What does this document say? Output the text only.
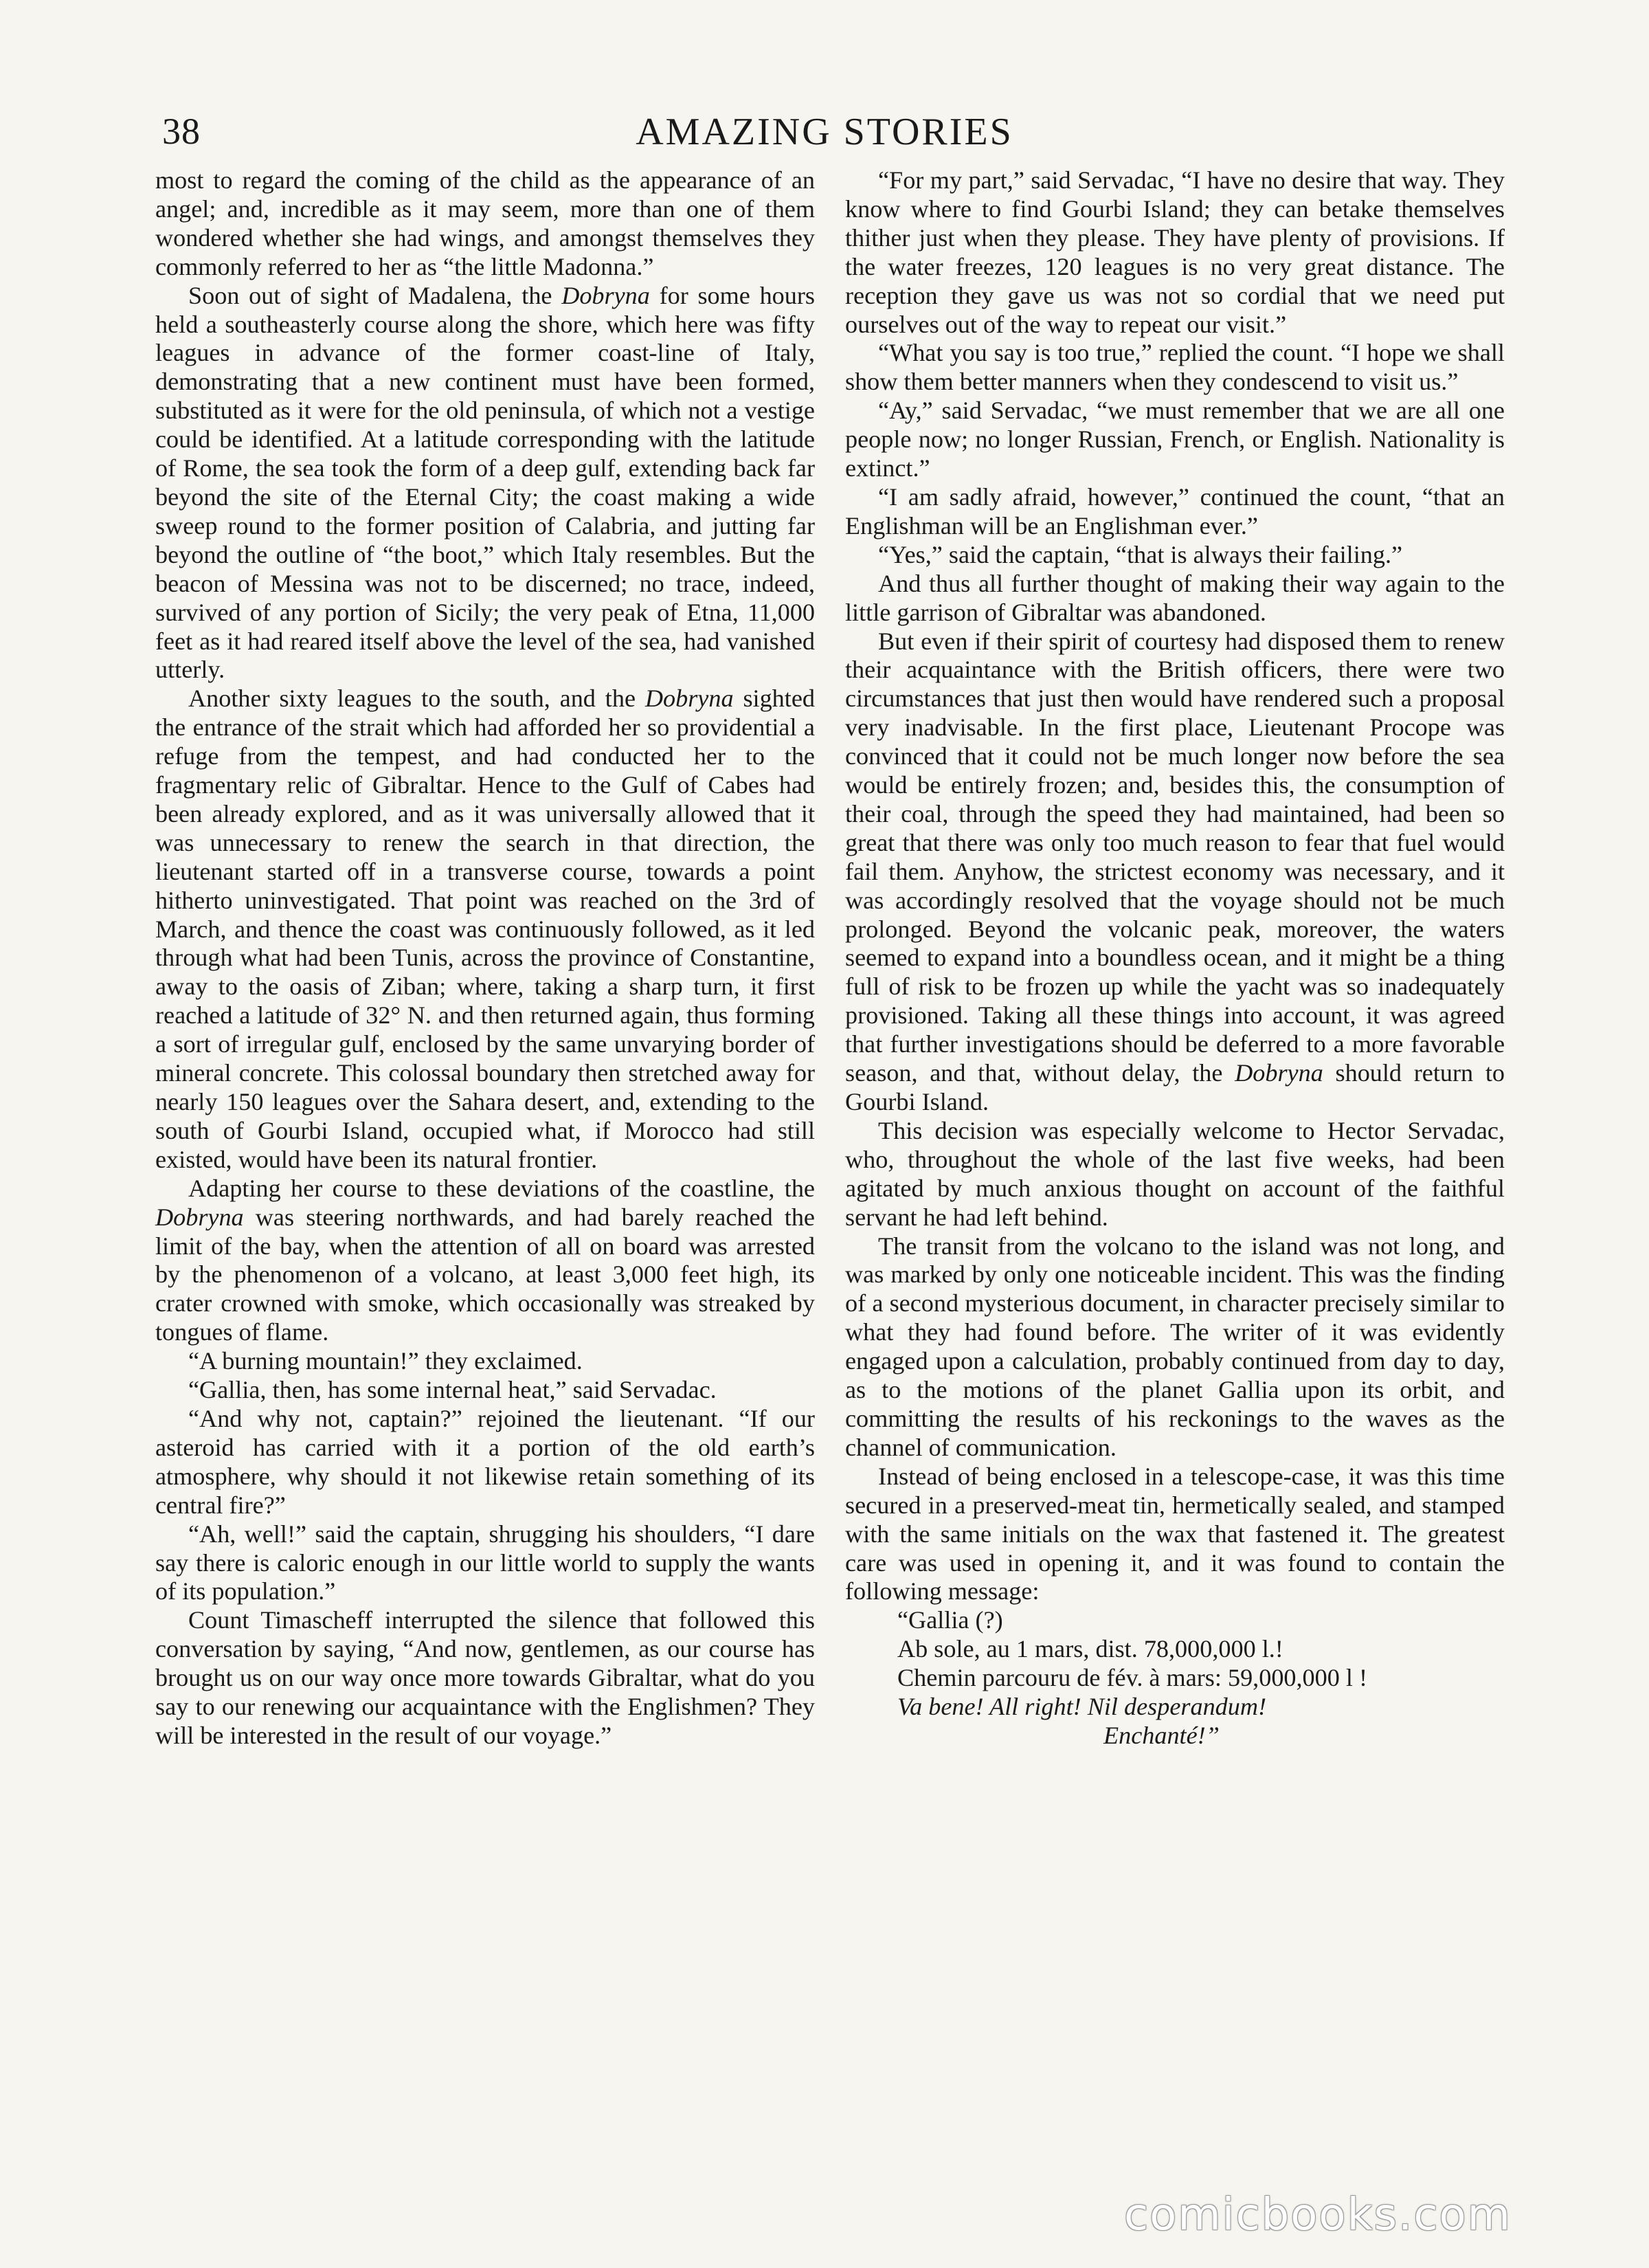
38	AMAZING STORIES

most to regard the coming of the child as the appearance of an angel; and, incredible as it may seem, more than one of them wondered whether she had wings, and amongst themselves they commonly referred to her as “the little Madonna.”

Soon out of sight of Madalena, the Dobryna for some hours held a southeasterly course along the shore, which here was fifty leagues in advance of the former coast-line of Italy, demonstrating that a new continent must have been formed, substituted as it were for the old peninsula, of which not a vestige could be identified. At a latitude corresponding with the latitude of Rome, the sea took the form of a deep gulf, extending back far beyond the site of the Eternal City; the coast making a wide sweep round to the former position of Calabria, and jutting far beyond the outline of “the boot,” which Italy resembles. But the beacon of Messina was not to be discerned; no trace, indeed, survived of any portion of Sicily; the very peak of Etna, 11,000 feet as it had reared itself above the level of the sea, had vanished utterly.

Another sixty leagues to the south, and the Dobryna sighted the entrance of the strait which had afforded her so providential a refuge from the tempest, and had conducted her to the fragmentary relic of Gibraltar. Hence to the Gulf of Cabes had been already explored, and as it was universally allowed that it was unnecessary to renew the search in that direction, the lieutenant started off in a transverse course, towards a point hitherto uninvestigated. That point was reached on the 3rd of March, and thence the coast was continuously followed, as it led through what had been Tunis, across the province of Constantine, away to the oasis of Ziban; where, taking a sharp turn, it first reached a latitude of 32° N. and then returned again, thus forming a sort of irregular gulf, enclosed by the same unvarying border of mineral concrete. This colossal boundary then stretched away for nearly 150 leagues over the Sahara desert, and, extending to the south of Gourbi Island, occupied what, if Morocco had still existed, would have been its natural frontier.

Adapting her course to these deviations of the coastline, the Dobryna was steering northwards, and had barely reached the limit of the bay, when the attention of all on board was arrested by the phenomenon of a volcano, at least 3,000 feet high, its crater crowned with smoke, which occasionally was streaked by tongues of flame.

“A burning mountain!” they exclaimed.

“Gallia, then, has some internal heat,” said Servadac.

“And why not, captain?” rejoined the lieutenant. “If our asteroid has carried with it a portion of the old earth’s atmosphere, why should it not likewise retain something of its central fire?”

“Ah, well!” said the captain, shrugging his shoulders, “I dare say there is caloric enough in our little world to supply the wants of its population.”

Count Timascheff interrupted the silence that followed this conversation by saying, “And now, gentlemen, as our course has brought us on our way once more towards Gibraltar, what do you say to our renewing our acquaintance with the Englishmen? They will be interested in the result of our voyage.”

“For my part,” said Servadac, “I have no desire that way. They know where to find Gourbi Island; they can betake themselves thither just when they please. They have plenty of provisions. If the water freezes, 120 leagues is no very great distance. The reception they gave us was not so cordial that we need put ourselves out of the way to repeat our visit.”

“What you say is too true,” replied the count. “I hope we shall show them better manners when they condescend to visit us.”

“Ay,” said Servadac, “we must remember that we are all one people now; no longer Russian, French, or English. Nationality is extinct.”

“I am sadly afraid, however,” continued the count, “that an Englishman will be an Englishman ever.”

“Yes,” said the captain, “that is always their failing.”

And thus all further thought of making their way again to the little garrison of Gibraltar was abandoned.

But even if their spirit of courtesy had disposed them to renew their acquaintance with the British officers, there were two circumstances that just then would have rendered such a proposal very inadvisable. In the first place, Lieutenant Procope was convinced that it could not be much longer now before the sea would be entirely frozen; and, besides this, the consumption of their coal, through the speed they had maintained, had been so great that there was only too much reason to fear that fuel would fail them. Anyhow, the strictest economy was necessary, and it was accordingly resolved that the voyage should not be much prolonged. Beyond the volcanic peak, moreover, the waters seemed to expand into a boundless ocean, and it might be a thing full of risk to be frozen up while the yacht was so inadequately provisioned. Taking all these things into account, it was agreed that further investigations should be deferred to a more favorable season, and that, without delay, the Dobryna should return to Gourbi Island.

This decision was especially welcome to Hector Servadac, who, throughout the whole of the last five weeks, had been agitated by much anxious thought on account of the faithful servant he had left behind.

The transit from the volcano to the island was not long, and was marked by only one noticeable incident. This was the finding of a second mysterious document, in character precisely similar to what they had found before. The writer of it was evidently engaged upon a calculation, probably continued from day to day, as to the motions of the planet Gallia upon its orbit, and committing the results of his reckonings to the waves as the channel of communication.

Instead of being enclosed in a telescope-case, it was this time secured in a preserved-meat tin, hermetically sealed, and stamped with the same initials on the wax that fastened it. The greatest care was used in opening it, and it was found to contain the following message:

“Gallia (?)

Ab sole, au 1 mars, dist. 78,000,000 l.!

Chemin parcouru de fév. à mars: 59,000,000 l !

Va bene! All right! Nil desperandum!

Enchanté!”

comicbooks.com
